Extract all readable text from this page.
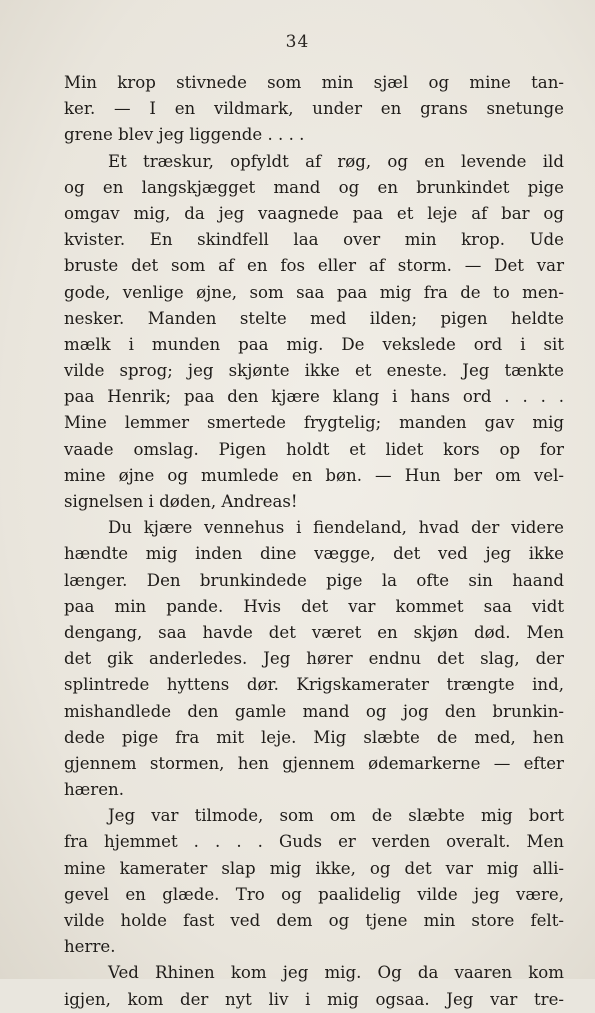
34
Min krop stivnede som min sjæl og mine tan-
ker. — I en vildmark, under en grans snetunge
grene blev jeg liggende . . . .
Et træskur, opfyldt af røg, og en levende ild
og en langskjægget mand og en brunkindet pige
omgav mig, da jeg vaagnede paa et leje af bar og
kvister. En skindfell laa over min krop. Ude
bruste det som af en fos eller af storm. — Det var
gode, venlige øjne, som saa paa mig fra de to men-
nesker. Manden stelte med ilden; pigen heldte
mælk i munden paa mig. De vekslede ord i sit
vilde sprog; jeg skjønte ikke et eneste. Jeg tænkte
paa Henrik; paa den kjære klang i hans ord . . . .
Mine lemmer smertede frygtelig; manden gav mig
vaade omslag. Pigen holdt et lidet kors op for
mine øjne og mumlede en bøn. — Hun ber om vel-
signelsen i døden, Andreas!
Du kjære vennehus i fiendeland, hvad der videre
hændte mig inden dine vægge, det ved jeg ikke
længer. Den brunkindede pige la ofte sin haand
paa min pande. Hvis det var kommet saa vidt
dengang, saa havde det været en skjøn død. Men
det gik anderledes. Jeg hører endnu det slag, der
splintrede hyttens dør. Krigskamerater trængte ind,
mishandlede den gamle mand og jog den brunkin-
dede pige fra mit leje. Mig slæbte de med, hen
gjennem stormen, hen gjennem ødemarkerne — efter
hæren.
Jeg var tilmode, som om de slæbte mig bort
fra hjemmet . . . . Guds er verden overalt. Men
mine kamerater slap mig ikke, og det var mig alli-
gevel en glæde. Tro og paalidelig vilde jeg være,
vilde holde fast ved dem og tjene min store felt-
herre.
Ved Rhinen kom jeg mig. Og da vaaren kom
igjen, kom der nyt liv i mig ogsaa. Jeg var tre-
